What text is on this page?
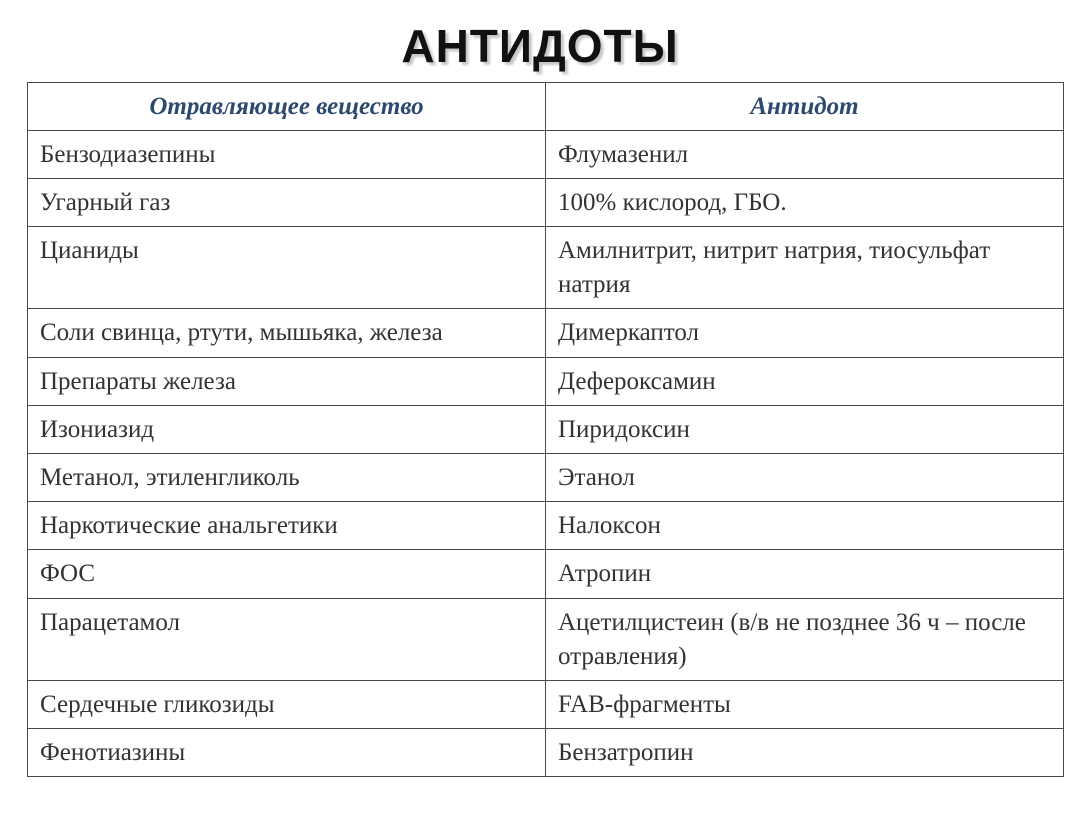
АНТИДОТЫ
Отравляющее вещество	Антидот
Бензодиазепины	Флумазенил
Угарный газ	100% кислород, ГБО.
Цианиды	Амилнитрит, нитрит натрия, тиосульфат натрия
Соли свинца, ртути, мышьяка, железа	Димеркаптол
Препараты железа	Дефероксамин
Изониазид	Пиридоксин
Метанол, этиленгликоль	Этанол
Наркотические анальгетики	Налоксон
ФОС	Атропин
Парацетамол	Ацетилцистеин (в/в не позднее 36 ч – после отравления)
Сердечные гликозиды	FAB-фрагменты
Фенотиазины	Бензатропин
